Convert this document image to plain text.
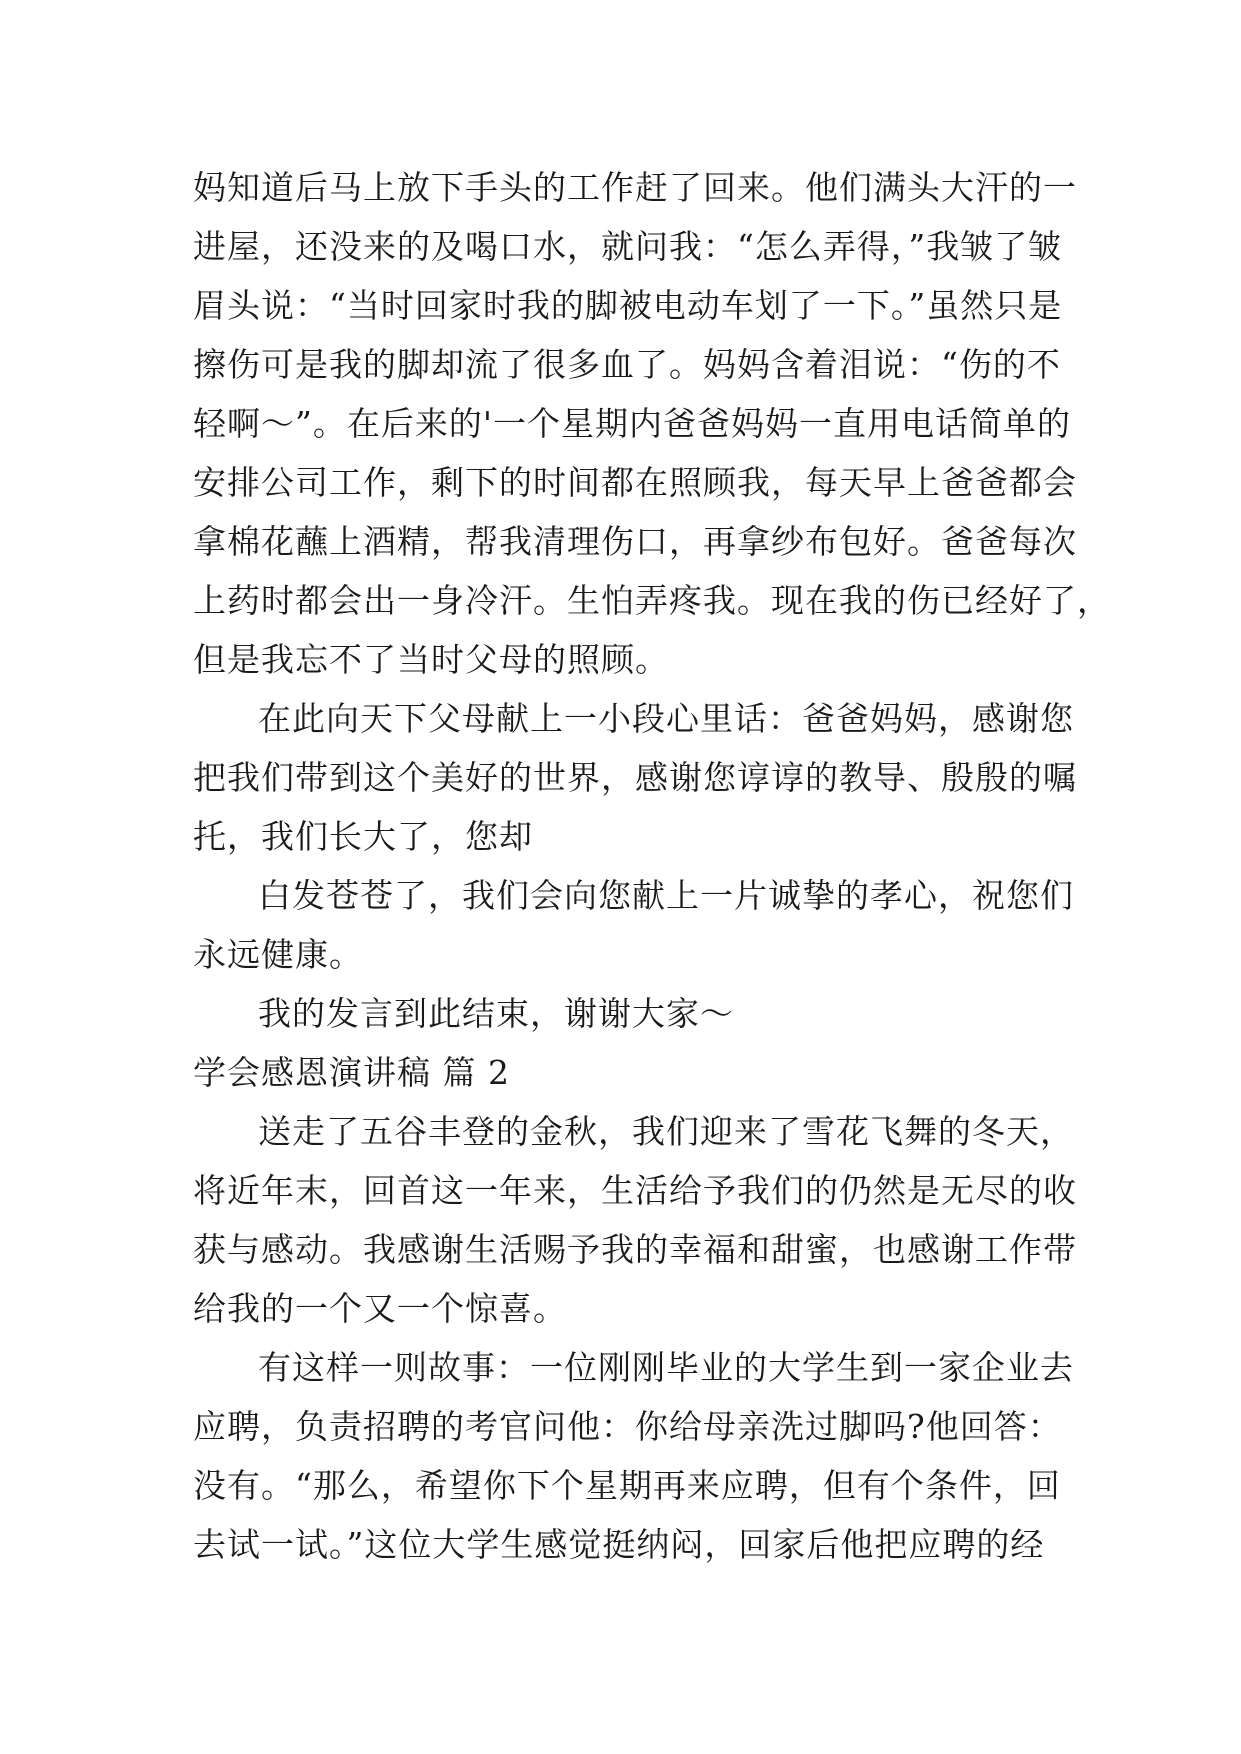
妈知道后马上放下手头的工作赶了回来。他们满头大汗的一
进屋，还没来的及喝口水，就问我：“怎么弄得，”我皱了皱
眉头说：“当时回家时我的脚被电动车划了一下。”虽然只是
擦伤可是我的脚却流了很多血了。妈妈含着泪说：“伤的不
轻啊～”。在后来的'一个星期内爸爸妈妈一直用电话简单的
安排公司工作，剩下的时间都在照顾我，每天早上爸爸都会
拿棉花蘸上酒精，帮我清理伤口，再拿纱布包好。爸爸每次
上药时都会出一身冷汗。生怕弄疼我。现在我的伤已经好了，
但是我忘不了当时父母的照顾。
在此向天下父母献上一小段心里话：爸爸妈妈，感谢您
把我们带到这个美好的世界，感谢您谆谆的教导、殷殷的嘱
托，我们长大了，您却
白发苍苍了，我们会向您献上一片诚挚的孝心，祝您们
永远健康。
我的发言到此结束，谢谢大家～
学会感恩演讲稿 篇 2
送走了五谷丰登的金秋，我们迎来了雪花飞舞的冬天，
将近年末，回首这一年来，生活给予我们的仍然是无尽的收
获与感动。我感谢生活赐予我的幸福和甜蜜，也感谢工作带
给我的一个又一个惊喜。
有这样一则故事：一位刚刚毕业的大学生到一家企业去
应聘，负责招聘的考官问他：你给母亲洗过脚吗?他回答：
没有。“那么，希望你下个星期再来应聘，但有个条件，回
去试一试。”这位大学生感觉挺纳闷，回家后他把应聘的经
